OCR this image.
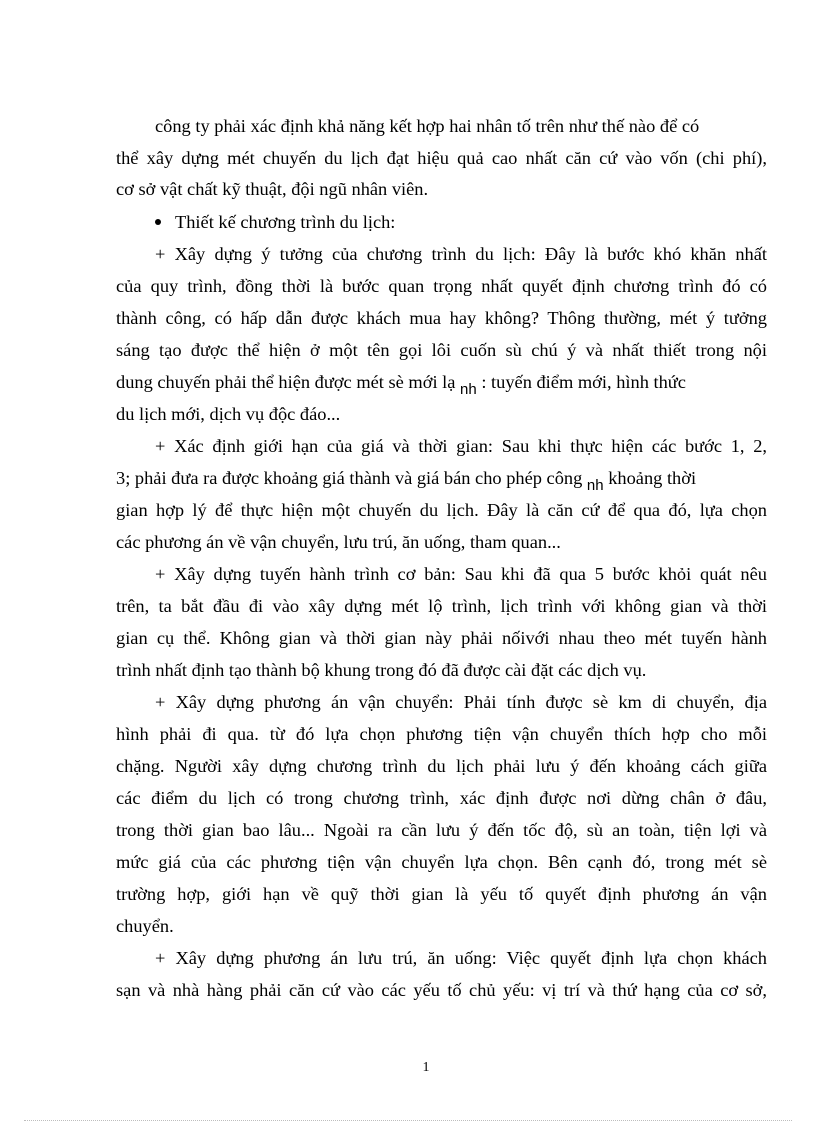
công ty phải xác định khả năng kết hợp hai nhân tố trên như thế nào để có
thể xây dựng mét chuyến du lịch đạt hiệu quả cao nhất căn cứ vào vốn (chi phí),
cơ sở vật chất kỹ thuật, đội ngũ nhân viên.
Thiết kế chương trình du lịch:
+ Xây dựng ý tưởng của chương trình du lịch: Đây là bước khó khăn nhất
của quy trình, đồng thời là bước quan trọng nhất quyết định chương trình đó có
thành công, có hấp dẫn được khách mua hay không? Thông thường, mét ý tưởng
sáng tạo được thể hiện ở một tên gọi lôi cuốn sù chú ý và nhất thiết trong nội
dung chuyến phải thể hiện được mét sè mới lạ $_{nh}$ : tuyến điểm mới, hình thức
du lịch mới, dịch vụ độc đáo...
+ Xác định giới hạn của giá và thời gian: Sau khi thực hiện các bước 1, 2,
3; phải đưa ra được khoảng giá thành và giá bán cho phép công $_{nh}$ khoảng thời
gian hợp lý để thực hiện một chuyến du lịch. Đây là căn cứ để qua đó, lựa chọn
các phương án về vận chuyển, lưu trú, ăn uống, tham quan...
+ Xây dựng tuyến hành trình cơ bản: Sau khi đã qua 5 bước khỏi quát nêu
trên, ta bắt đầu đi vào xây dựng mét lộ trình, lịch trình với không gian và thời
gian cụ thể. Không gian và thời gian này phải nốivới nhau theo mét tuyến hành
trình nhất định tạo thành bộ khung trong đó đã được cài đặt các dịch vụ.
+ Xây dựng phương án vận chuyển: Phải tính được sè km di chuyển, địa
hình phải đi qua. từ đó lựa chọn phương tiện vận chuyển thích hợp cho mỗi
chặng. Người xây dựng chương trình du lịch phải lưu ý đến khoảng cách giữa
các điểm du lịch có trong chương trình, xác định được nơi dừng chân ở đâu,
trong thời gian bao lâu... Ngoài ra cần lưu ý đến tốc độ, sù an toàn, tiện lợi và
mức giá của các phương tiện vận chuyển lựa chọn. Bên cạnh đó, trong mét sè
trường hợp, giới hạn về quỹ thời gian là yếu tố quyết định phương án vận
chuyển.
+ Xây dựng phương án lưu trú, ăn uống: Việc quyết định lựa chọn khách
sạn và nhà hàng phải căn cứ vào các yếu tố chủ yếu: vị trí và thứ hạng của cơ sở,
1
